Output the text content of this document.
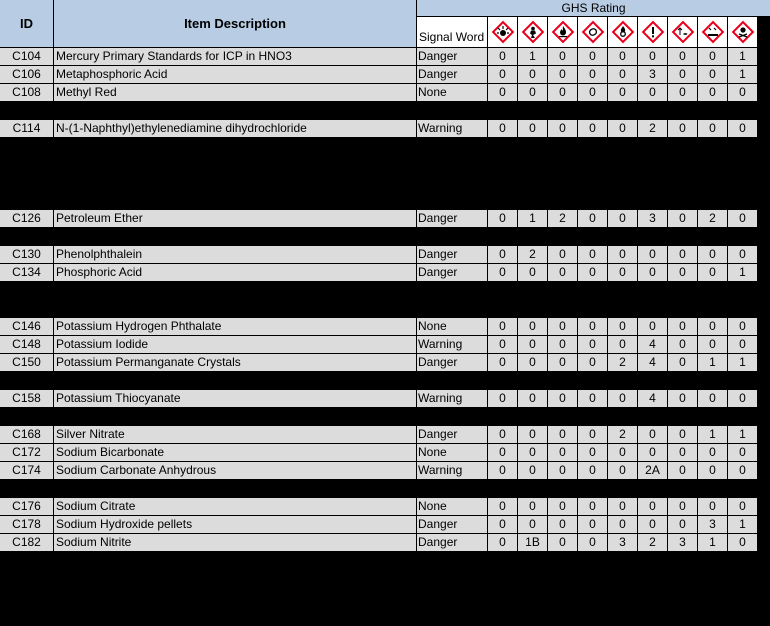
ID	Item Description
GHS Rating
Signal Word
C104	Mercury Primary Standards for ICP in HNO3	Danger	0	1	0	0	0	0	0	0	1
C106	Metaphosphoric Acid	Danger	0	0	0	0	0	3	0	0	1
C108	Methyl Red	None	0	0	0	0	0	0	0	0	0
C114	N-(1-Naphthyl)ethylenediamine dihydrochloride	Warning	0	0	0	0	0	2	0	0	0
C126	Petroleum Ether	Danger	0	1	2	0	0	3	0	2	0
C130	Phenolphthalein	Danger	0	2	0	0	0	0	0	0	0
C134	Phosphoric Acid	Danger	0	0	0	0	0	0	0	0	1
C146	Potassium Hydrogen Phthalate	None	0	0	0	0	0	0	0	0	0
C148	Potassium Iodide	Warning	0	0	0	0	0	4	0	0	0
C150	Potassium Permanganate Crystals	Danger	0	0	0	0	2	4	0	1	1
C158	Potassium Thiocyanate	Warning	0	0	0	0	0	4	0	0	0
C168	Silver Nitrate	Danger	0	0	0	0	2	0	0	1	1
C172	Sodium Bicarbonate	None	0	0	0	0	0	0	0	0	0
C174	Sodium Carbonate Anhydrous	Warning	0	0	0	0	0	2A	0	0	0
C176	Sodium Citrate	None	0	0	0	0	0	0	0	0	0
C178	Sodium Hydroxide pellets	Danger	0	0	0	0	0	0	0	3	1
C182	Sodium Nitrite	Danger	0	1B	0	0	3	2	3	1	0
